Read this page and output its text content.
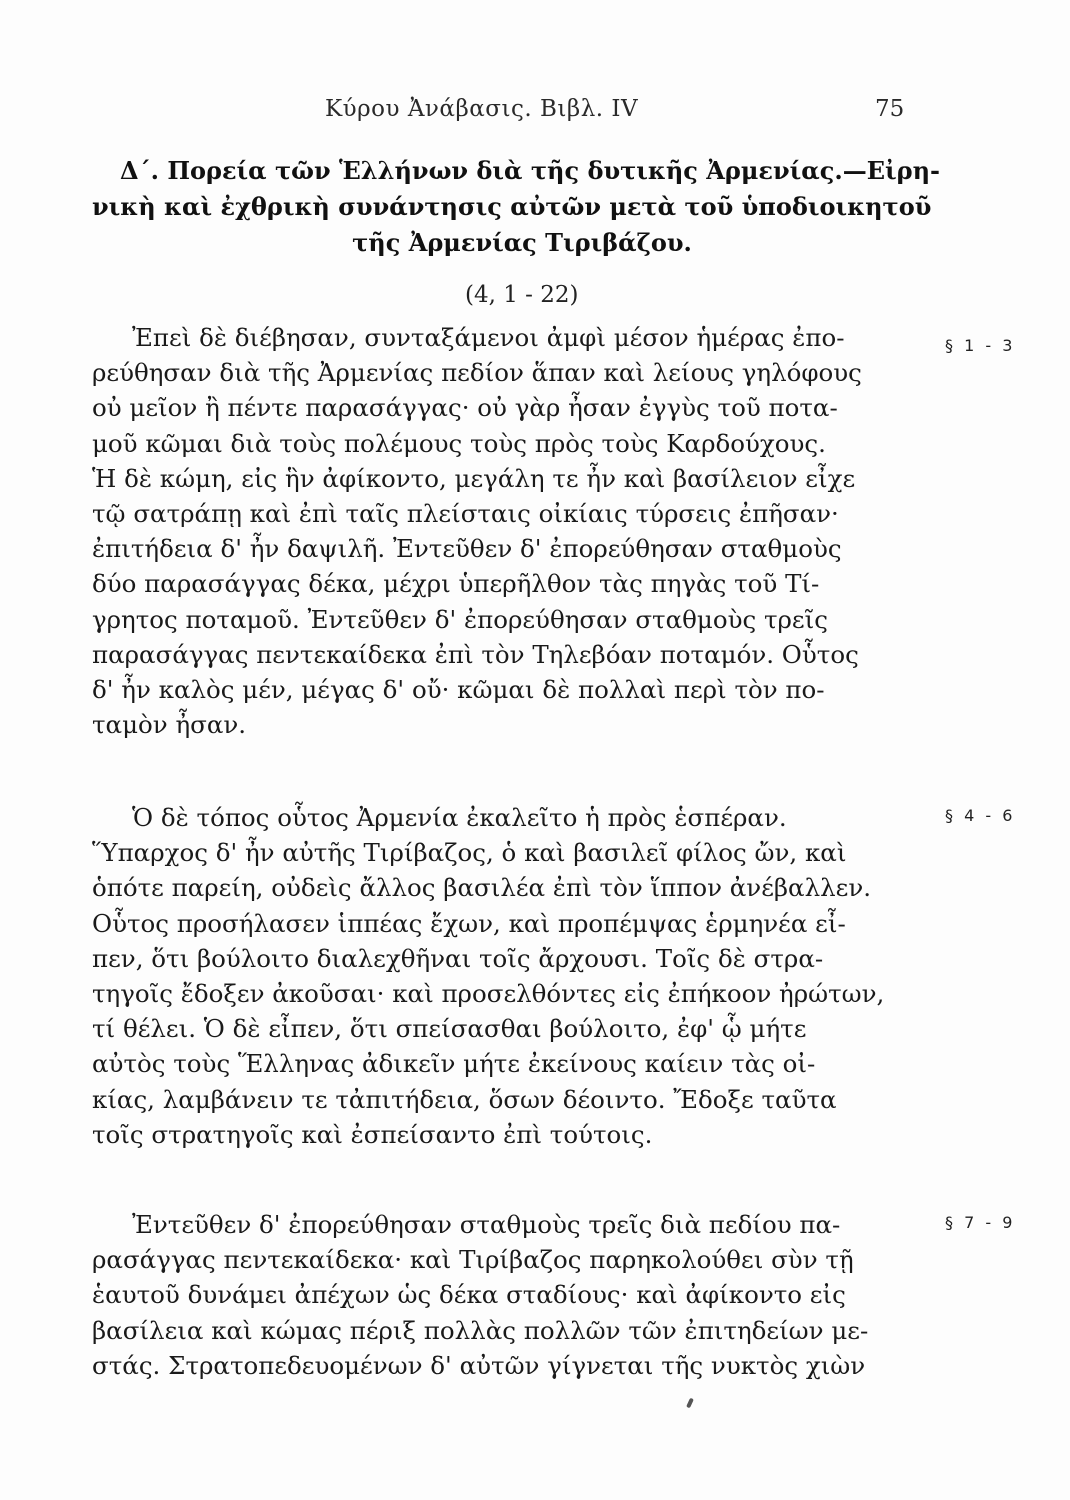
Κύρου Ἀνάβασις. Βιβλ. IV	75
Δ΄. Πορεία τῶν Ἑλλήνων διὰ τῆς δυτικῆς Ἀρμενίας.—Εἰρη-
νικὴ καὶ ἐχθρικὴ συνάντησις αὐτῶν μετὰ τοῦ ὑποδιοικητοῦ
τῆς Ἀρμενίας Τιριβάζου.
(4, 1 - 22)
§ 1 - 3
§ 4 - 6
§ 7 - 9
Ἐπεὶ δὲ διέβησαν, συνταξάμενοι ἀμφὶ μέσον ἡμέρας ἐπο-
ρεύθησαν διὰ τῆς Ἀρμενίας πεδίον ἅπαν καὶ λείους γηλόφους
οὐ μεῖον ἢ πέντε παρασάγγας· οὐ γὰρ ἦσαν ἐγγὺς τοῦ ποτα-
μοῦ κῶμαι διὰ τοὺς πολέμους τοὺς πρὸς τοὺς Καρδούχους.
Ἡ δὲ κώμη, εἰς ἣν ἀφίκοντο, μεγάλη τε ἦν καὶ βασίλειον εἶχε
τῷ σατράπῃ καὶ ἐπὶ ταῖς πλείσταις οἰκίαις τύρσεις ἐπῆσαν·
ἐπιτήδεια δ' ἦν δαψιλῆ. Ἐντεῦθεν δ' ἐπορεύθησαν σταθμοὺς
δύο παρασάγγας δέκα, μέχρι ὑπερῆλθον τὰς πηγὰς τοῦ Τί-
γρητος ποταμοῦ. Ἐντεῦθεν δ' ἐπορεύθησαν σταθμοὺς τρεῖς
παρασάγγας πεντεκαίδεκα ἐπὶ τὸν Τηλεβόαν ποταμόν. Οὗτος
δ' ἦν καλὸς μέν, μέγας δ' οὔ· κῶμαι δὲ πολλαὶ περὶ τὸν πο-
ταμὸν ἦσαν.
Ὁ δὲ τόπος οὗτος Ἀρμενία ἐκαλεῖτο ἡ πρὸς ἑσπέραν.
Ὕπαρχος δ' ἦν αὐτῆς Τιρίβαζος, ὁ καὶ βασιλεῖ φίλος ὤν, καὶ
ὁπότε παρείη, οὐδεὶς ἄλλος βασιλέα ἐπὶ τὸν ἵππον ἀνέβαλλεν.
Οὗτος προσήλασεν ἱππέας ἔχων, καὶ προπέμψας ἑρμηνέα εἶ-
πεν, ὅτι βούλοιτο διαλεχθῆναι τοῖς ἄρχουσι. Τοῖς δὲ στρα-
τηγοῖς ἔδοξεν ἀκοῦσαι· καὶ προσελθόντες εἰς ἐπήκοον ἠρώτων,
τί θέλει. Ὁ δὲ εἶπεν, ὅτι σπείσασθαι βούλοιτο, ἐφ' ᾧ μήτε
αὐτὸς τοὺς Ἕλληνας ἀδικεῖν μήτε ἐκείνους καίειν τὰς οἰ-
κίας, λαμβάνειν τε τἀπιτήδεια, ὅσων δέοιντο. Ἔδοξε ταῦτα
τοῖς στρατηγοῖς καὶ ἐσπείσαντο ἐπὶ τούτοις.
Ἐντεῦθεν δ' ἐπορεύθησαν σταθμοὺς τρεῖς διὰ πεδίου πα-
ρασάγγας πεντεκαίδεκα· καὶ Τιρίβαζος παρηκολούθει σὺν τῇ
ἑαυτοῦ δυνάμει ἀπέχων ὡς δέκα σταδίους· καὶ ἀφίκοντο εἰς
βασίλεια καὶ κώμας πέριξ πολλὰς πολλῶν τῶν ἐπιτηδείων με-
στάς. Στρατοπεδευομένων δ' αὐτῶν γίγνεται τῆς νυκτὸς χιὼν
